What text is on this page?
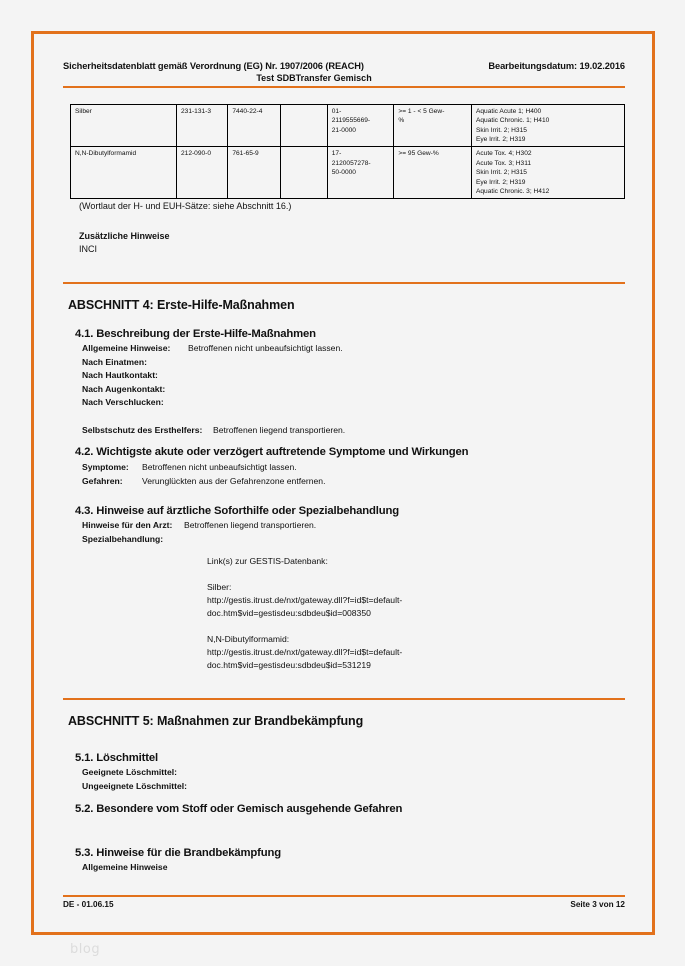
Sicherheitsdatenblatt gemäß Verordnung (EG) Nr. 1907/2006 (REACH)	Bearbeitungsdatum: 19.02.2016
Test SDBTransfer Gemisch
Silber	231-131-3	7440-22-4		01-
2119555669-
21-0000	>= 1 - < 5 Gew-
%	Aquatic Acute 1; H400
Aquatic Chronic. 1; H410
Skin Irrit. 2; H315
Eye Irrit. 2; H319

N,N-Dibutylformamid	212-090-0	761-65-9		17-
2120057278-
50-0000	>= 95 Gew-%	Acute Tox. 4; H302
Acute Tox. 3; H311
Skin Irrit. 2; H315
Eye Irrit. 2; H319
Aquatic Chronic. 3; H412
(Wortlaut der H- und EUH-Sätze: siehe Abschnitt 16.)
Zusätzliche Hinweise
INCI
ABSCHNITT 4: Erste-Hilfe-Maßnahmen
4.1. Beschreibung der Erste-Hilfe-Maßnahmen
Allgemeine Hinweise: Betroffenen nicht unbeaufsichtigt lassen.
Nach Einatmen:
Nach Hautkontakt:
Nach Augenkontakt:
Nach Verschlucken:
Selbstschutz des Ersthelfers: Betroffenen liegend transportieren.
4.2. Wichtigste akute oder verzögert auftretende Symptome und Wirkungen
Symptome: Betroffenen nicht unbeaufsichtigt lassen.
Gefahren: Verunglückten aus der Gefahrenzone entfernen.
4.3. Hinweise auf ärztliche Soforthilfe oder Spezialbehandlung
Hinweise für den Arzt: Betroffenen liegend transportieren.
Spezialbehandlung:
Link(s) zur GESTIS-Datenbank:
Silber:
http://gestis.itrust.de/nxt/gateway.dll?f=id$t=default-
doc.htm$vid=gestisdeu:sdbdeu$id=008350
N,N-Dibutylformamid:
http://gestis.itrust.de/nxt/gateway.dll?f=id$t=default-
doc.htm$vid=gestisdeu:sdbdeu$id=531219
ABSCHNITT 5: Maßnahmen zur Brandbekämpfung
5.1. Löschmittel
Geeignete Löschmittel:
Ungeeignete Löschmittel:
5.2. Besondere vom Stoff oder Gemisch ausgehende Gefahren
5.3. Hinweise für die Brandbekämpfung
Allgemeine Hinweise
DE - 01.06.15	Seite 3 von 12
blog
